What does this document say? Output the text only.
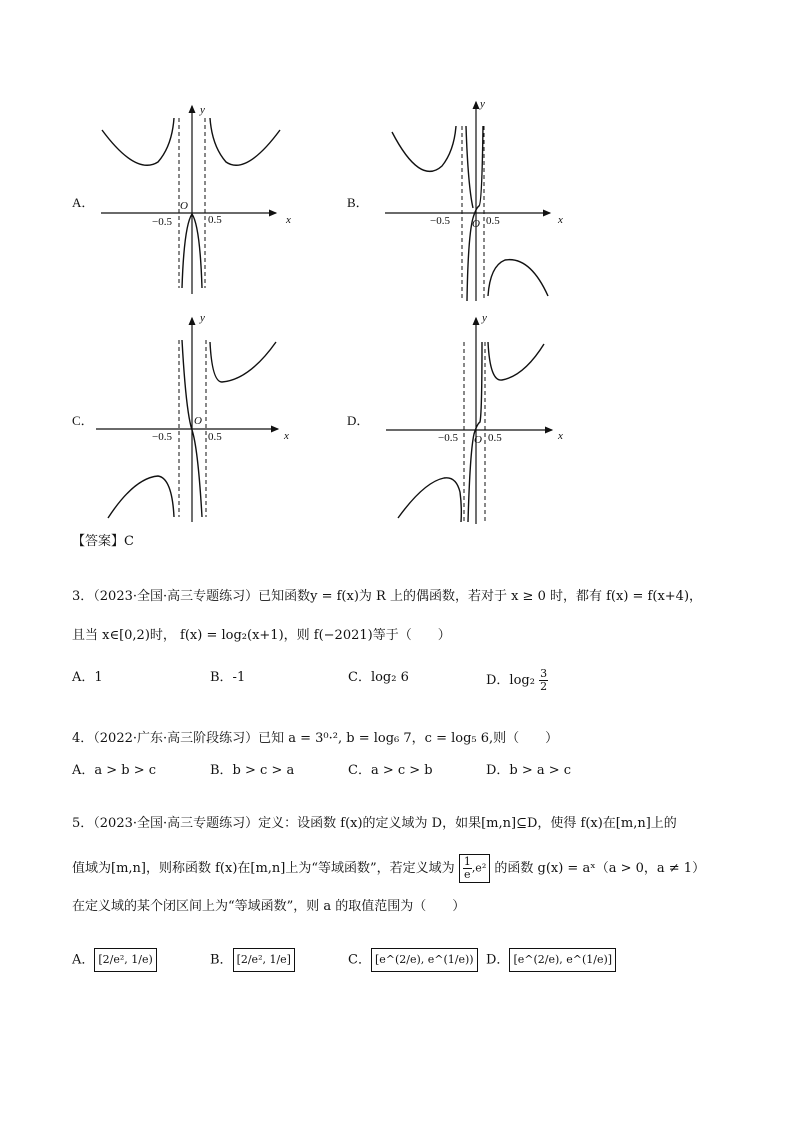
−0.5	0.5
O
x
y
A．
−0.5	0.5
O	x
y
B．
−0.5	0.5
O
x
y
C．
−0.5	0.5
O	x
y
D．
【答案】C
3．（2023·全国·高三专题练习）已知函数y = f(x)为 R 上的偶函数，若对于 x ≥ 0 时，都有 f(x) = f(x+4)，
且当 x∈[0,2)时， f(x) = log₂(x+1)，则 f(−2021)等于（　　）
A．1	B．-1	C．log₂ 6	D．$\log_2 \frac{3}{2}$
4．（2022·广东·高三阶段练习）已知 a = 3⁰·², b = log₆ 7，c = log₅ 6,则（　　）
A．a > b > c	B．b > c > a	C．a > c > b	D．b > a > c
5．（2023·全国·高三专题练习）定义：设函数 f(x)的定义域为 D，如果[m,n]⊆D，使得 f(x)在[m,n]上的
值域为[m,n]，则称函数 f(x)在[m,n]上为“等域函数”，若定义域为 $\frac{1}{e} ,e^2$ 的函数 g(x) = aˣ（a > 0，a ≠ 1）
在定义域的某个闭区间上为“等域函数”，则 a 的取值范围为（　　）
A． [2/e², 1/e)	B． [2/e², 1/e]	C． [e^(2/e), e^(1/e)) D． [e^(2/e), e^(1/e)]
